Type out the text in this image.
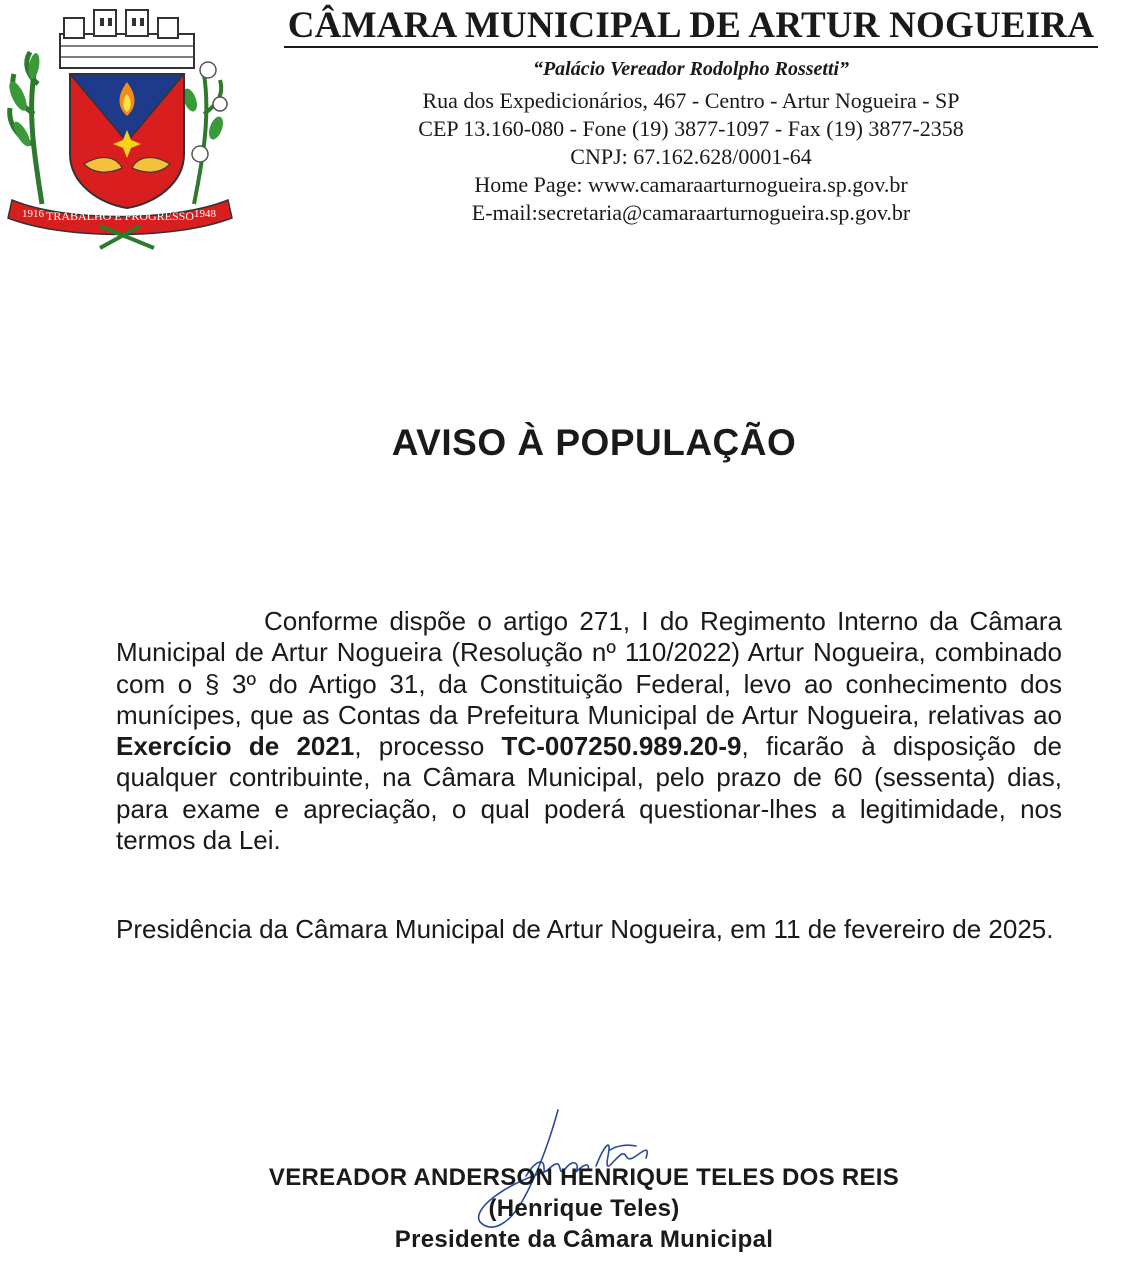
TRABALHO E PROGRESSO
1916	1948
CÂMARA MUNICIPAL DE ARTUR NOGUEIRA
“Palácio Vereador Rodolpho Rossetti”
Rua dos Expedicionários, 467 - Centro - Artur Nogueira - SP
CEP 13.160-080 - Fone (19) 3877-1097 - Fax (19) 3877-2358
CNPJ: 67.162.628/0001-64
Home Page: www.camaraarturnogueira.sp.gov.br
E-mail:secretaria@camaraarturnogueira.sp.gov.br
AVISO À POPULAÇÃO
Conforme dispõe o artigo 271, I do Regimento Interno da Câmara Municipal de Artur Nogueira (Resolução nº 110/2022) Artur Nogueira, combinado com o § 3º do Artigo 31, da Constituição Federal, levo ao conhecimento dos munícipes, que as Contas da Prefeitura Municipal de Artur Nogueira, relativas ao Exercício de 2021, processo TC-007250.989.20-9, ficarão à disposição de qualquer contribuinte, na Câmara Municipal, pelo prazo de 60 (sessenta) dias, para exame e apreciação, o qual poderá questionar-lhes a legitimidade, nos termos da Lei.
Presidência da Câmara Municipal de Artur Nogueira, em 11 de fevereiro de 2025.
VEREADOR ANDERSON HENRIQUE TELES DOS REIS
(Henrique Teles)
Presidente da Câmara Municipal
